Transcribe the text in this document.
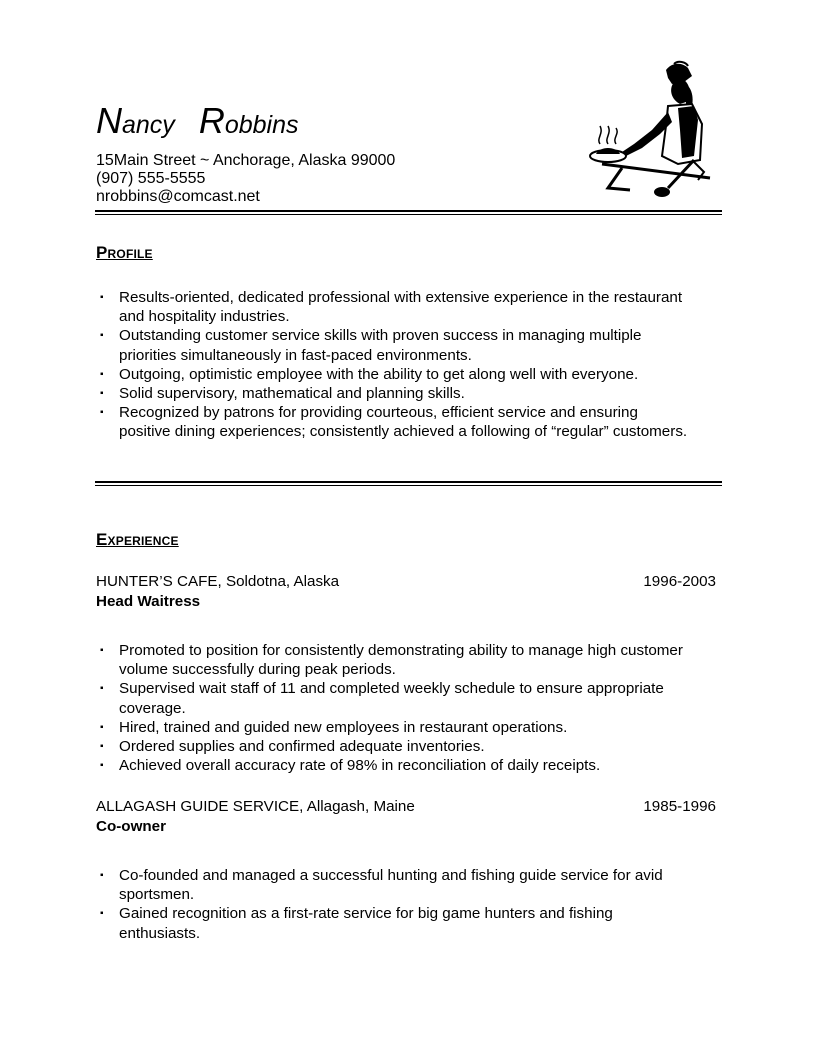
Nancy Robbins
15Main Street ~ Anchorage, Alaska 99000
(907) 555-5555
nrobbins@comcast.net
PROFILE
▪ Results-oriented, dedicated professional with extensive experience in the restaurant
and hospitality industries.
▪ Outstanding customer service skills with proven success in managing multiple
priorities simultaneously in fast-paced environments.
▪ Outgoing, optimistic employee with the ability to get along well with everyone.
▪ Solid supervisory, mathematical and planning skills.
▪ Recognized by patrons for providing courteous, efficient service and ensuring
positive dining experiences; consistently achieved a following of “regular” customers.
EXPERIENCE
HUNTER’S CAFE, Soldotna, Alaska	1996-2003
Head Waitress
▪ Promoted to position for consistently demonstrating ability to manage high customer
volume successfully during peak periods.
▪ Supervised wait staff of 11 and completed weekly schedule to ensure appropriate
coverage.
▪ Hired, trained and guided new employees in restaurant operations.
▪ Ordered supplies and confirmed adequate inventories.
▪ Achieved overall accuracy rate of 98% in reconciliation of daily receipts.
ALLAGASH GUIDE SERVICE, Allagash, Maine	1985-1996
Co-owner
▪ Co-founded and managed a successful hunting and fishing guide service for avid
sportsmen.
▪ Gained recognition as a first-rate service for big game hunters and fishing
enthusiasts.
